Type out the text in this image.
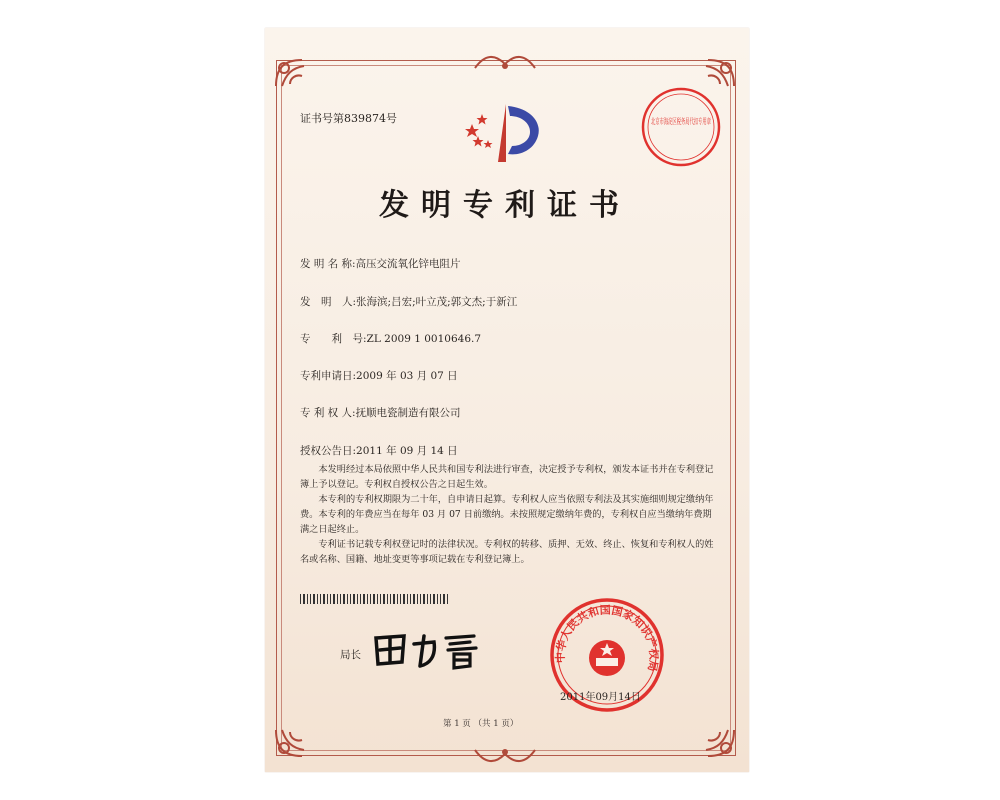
北京市海淀区税务局代扣专用章
证书号第839874号
发明专利证书
发 明 名 称:高压交流氧化锌电阻片
发　明　人:张海滨;吕宏;叶立茂;郭文杰;于新江
专　　利　号:ZL 2009 1 0010646.7
专利申请日:2009 年 03 月 07 日
专 利 权 人:抚顺电瓷制造有限公司
授权公告日:2011 年 09 月 14 日

本发明经过本局依照中华人民共和国专利法进行审查，决定授予专利权，颁发本证书并在专利登记簿上予以登记。专利权自授权公告之日起生效。

本专利的专利权期限为二十年，自申请日起算。专利权人应当依照专利法及其实施细则规定缴纳年费。本专利的年费应当在每年 03 月 07 日前缴纳。未按照规定缴纳年费的，专利权自应当缴纳年费期满之日起终止。

专利证书记载专利权登记时的法律状况。专利权的转移、质押、无效、终止、恢复和专利权人的姓名或名称、国籍、地址变更等事项记载在专利登记簿上。

局长	中华人民共和国国家知识产权局
2011年09月14日
第 1 页 （共 1 页）
